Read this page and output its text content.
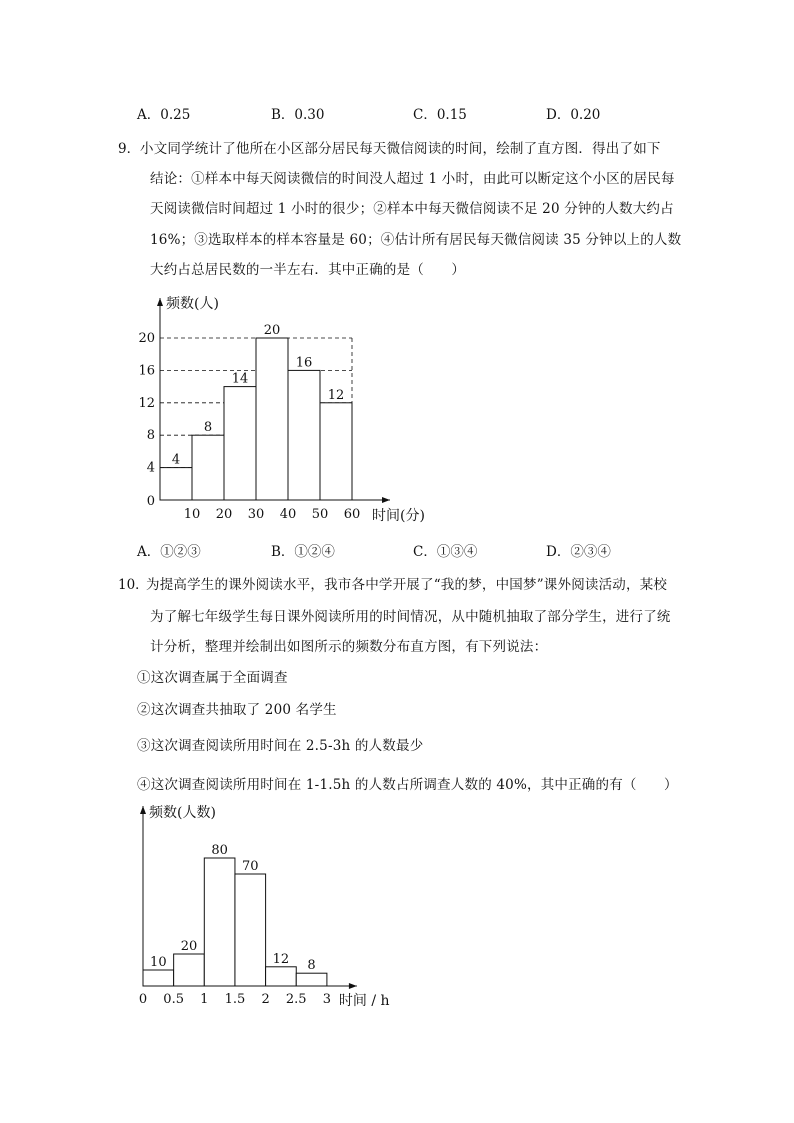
A．0.25	B．0.30	C．0.15	D．0.20
9． 小文同学统计了他所在小区部分居民每天微信阅读的时间，绘制了直方图．得出了如下
结论：①样本中每天阅读微信的时间没人超过 1 小时，由此可以断定这个小区的居民每
天阅读微信时间超过 1 小时的很少；②样本中每天微信阅读不足 20 分钟的人数大约占
16%；③选取样本的样本容量是 60；④估计所有居民每天微信阅读 35 分钟以上的人数
大约占总居民数的一半左右．其中正确的是（　　）
4
8
14
20
16
12
4
8
12
16
20
0
10 20 30 40 50 60
频数(人)
时间(分)
A．①②③	B．①②④	C．①③④	D．②③④
10．
为提高学生的课外阅读水平，我市各中学开展了“我的梦，中国梦”课外阅读活动，某校
为了解七年级学生每日课外阅读所用的时间情况，从中随机抽取了部分学生，进行了统
计分析，整理并绘制出如图所示的频数分布直方图，有下列说法：
①这次调查属于全面调查
②这次调查共抽取了 200 名学生
③这次调查阅读所用时间在 2.5-3h 的人数最少
④这次调查阅读所用时间在 1-1.5h 的人数占所调查人数的 40%，其中正确的有（　　）
10
20
80
70
12 8
0 0.5 1 1.5 2 2.5 3
频数(人数)
时间 / h
